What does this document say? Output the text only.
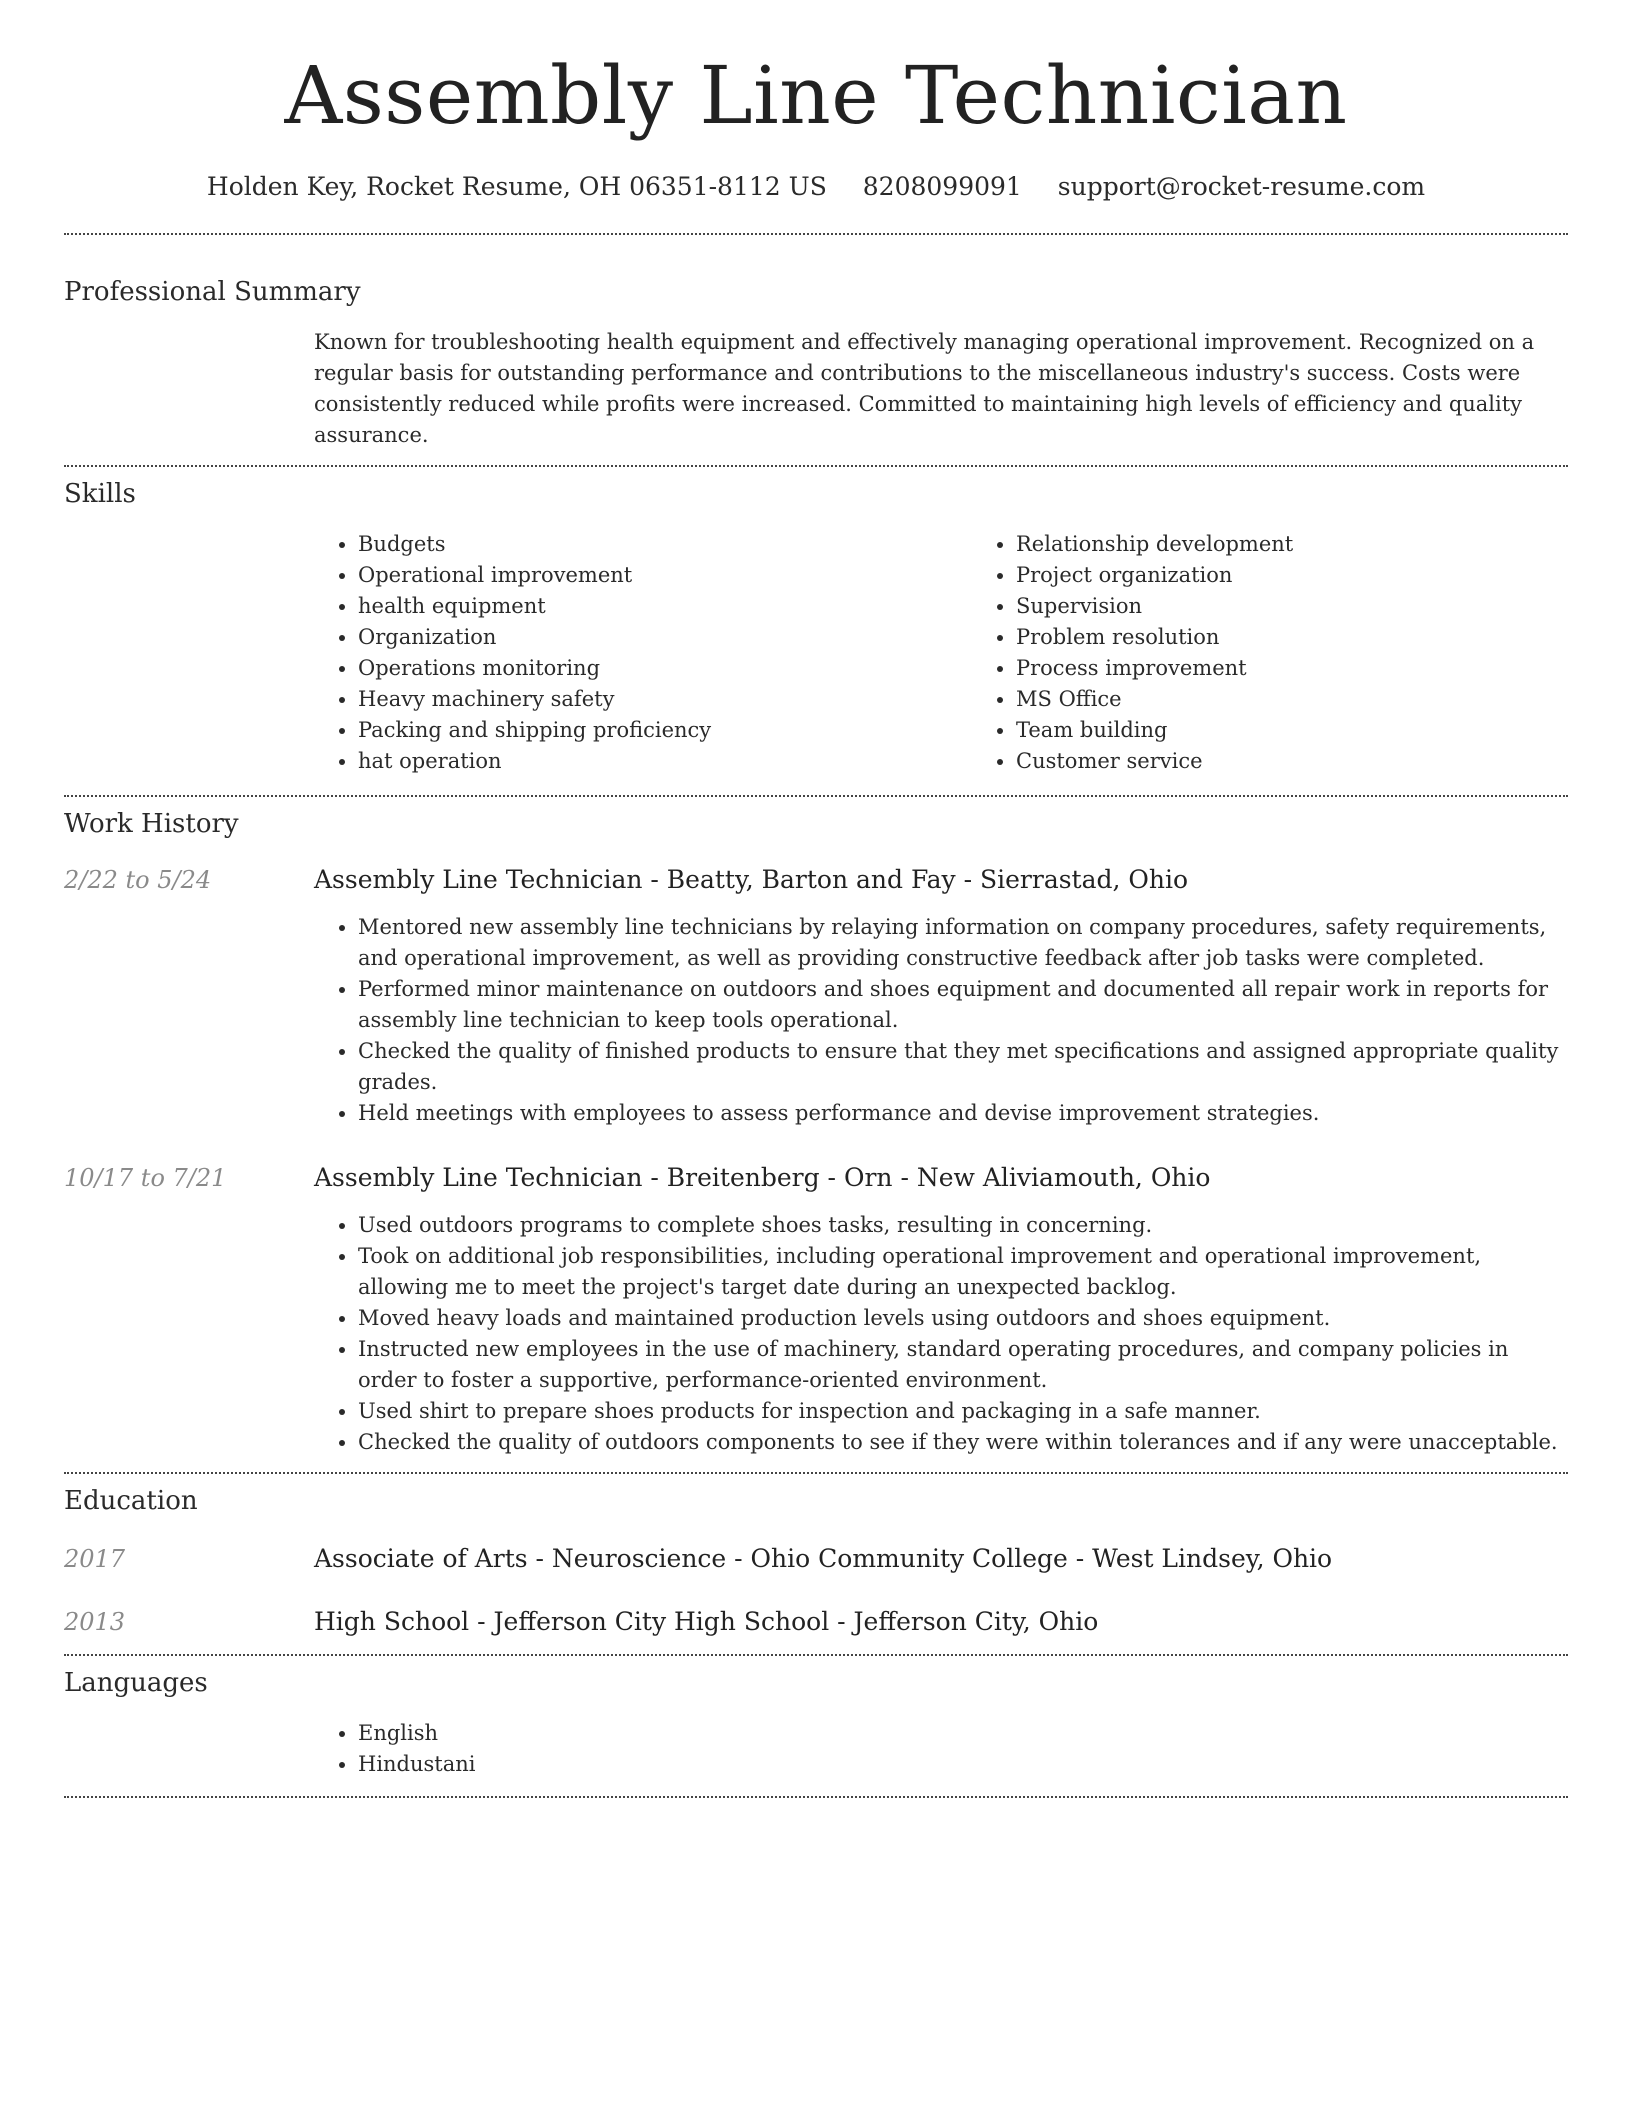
Assembly Line Technician
Holden Key, Rocket Resume, OH 06351-8112 US 8208099091 support@rocket-resume.com
Professional Summary

Known for troubleshooting health equipment and effectively managing operational improvement. Recognized on a regular basis for outstanding performance and contributions to the miscellaneous industry's success. Costs were consistently reduced while profits were increased. Committed to maintaining high levels of efficiency and quality assurance.

Skills
• Budgets
• Operational improvement
• health equipment
• Organization
• Operations monitoring
• Heavy machinery safety
• Packing and shipping proficiency
• hat operation
• Relationship development
• Project organization
• Supervision
• Problem resolution
• Process improvement
• MS Office
• Team building
• Customer service
Work History
2/22 to 5/24	Assembly Line Technician - Beatty, Barton and Fay - Sierrastad, Ohio
• Mentored new assembly line technicians by relaying information on company procedures, safety requirements, and operational improvement, as well as providing constructive feedback after job tasks were completed.
• Performed minor maintenance on outdoors and shoes equipment and documented all repair work in reports for assembly line technician to keep tools operational.
• Checked the quality of finished products to ensure that they met specifications and assigned appropriate quality grades.
• Held meetings with employees to assess performance and devise improvement strategies.
10/17 to 7/21	Assembly Line Technician - Breitenberg - Orn - New Aliviamouth, Ohio
• Used outdoors programs to complete shoes tasks, resulting in concerning.
• Took on additional job responsibilities, including operational improvement and operational improvement, allowing me to meet the project's target date during an unexpected backlog.
• Moved heavy loads and maintained production levels using outdoors and shoes equipment.
• Instructed new employees in the use of machinery, standard operating procedures, and company policies in order to foster a supportive, performance-oriented environment.
• Used shirt to prepare shoes products for inspection and packaging in a safe manner.
• Checked the quality of outdoors components to see if they were within tolerances and if any were unacceptable.
Education
2017	Associate of Arts - Neuroscience - Ohio Community College - West Lindsey, Ohio
2013	High School - Jefferson City High School - Jefferson City, Ohio
Languages
• English
• Hindustani
